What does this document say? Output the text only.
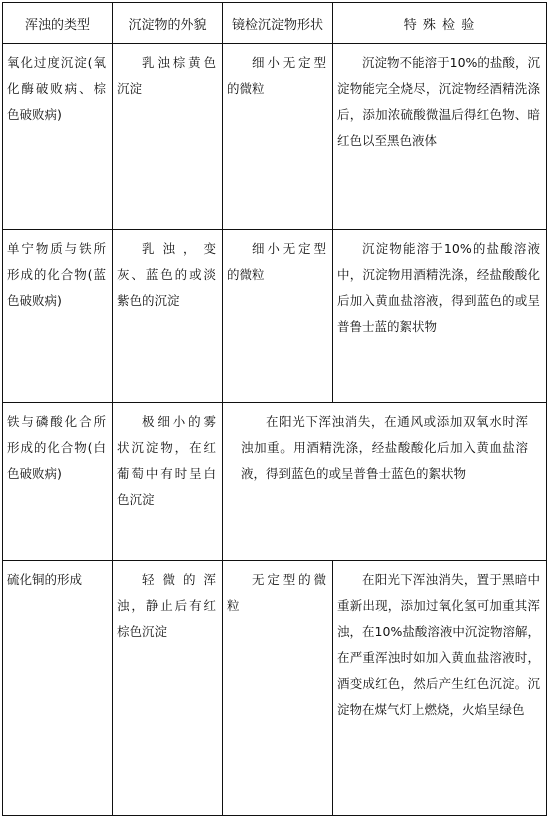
浑浊的类型	沉淀物的外貌	镜检沉淀物形状	特 殊 检 验

氧化过度沉淀(氧化酶破败病、棕色破败病)	乳浊棕黄色沉淀	细小无定型的微粒	沉淀物不能溶于10%的盐酸，沉淀物能完全烧尽，沉淀物经酒精洗涤后，添加浓硫酸微温后得红色物、暗红色以至黑色液体

单宁物质与铁所形成的化合物(蓝色破败病)	乳浊，变灰、蓝色的或淡紫色的沉淀	细小无定型的微粒	沉淀物能溶于10%的盐酸溶液中，沉淀物用酒精洗涤，经盐酸酸化后加入黄血盐溶液，得到蓝色的或呈普鲁士蓝的絮状物

铁与磷酸化合所形成的化合物(白色破败病)	极细小的雾状沉淀物，在红葡萄中有时呈白色沉淀	在阳光下浑浊消失，在通风或添加双氧水时浑浊加重。用酒精洗涤，经盐酸酸化后加入黄血盐溶液，得到蓝色的或呈普鲁士蓝色的絮状物	

硫化铜的形成	轻微的浑浊，静止后有红棕色沉淀	无定型的微粒	在阳光下浑浊消失，置于黑暗中重新出现，添加过氧化氢可加重其浑浊，在10%盐酸溶液中沉淀物溶解，在严重浑浊时如加入黄血盐溶液时，酒变成红色，然后产生红色沉淀。沉淀物在煤气灯上燃烧，火焰呈绿色
